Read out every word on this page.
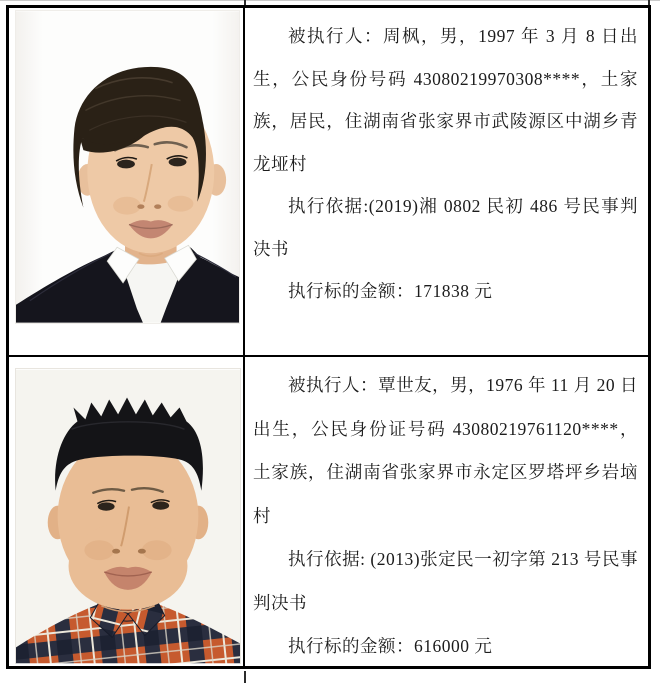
被执行人：周枫，男，1997 年 3 月 8 日出生，公民身份号码 43080219970308****，土家族，居民，住湖南省张家界市武陵源区中湖乡青龙垭村

执行依据:(2019)湘 0802 民初 486 号民事判决书

执行标的金额：171838 元

被执行人：覃世友，男，1976 年 11 月 20 日出生，公民身份证号码 43080219761120****，土家族，住湖南省张家界市永定区罗塔坪乡岩垴村

执行依据: (2013)张定民一初字第 213 号民事判决书

执行标的金额：616000 元
